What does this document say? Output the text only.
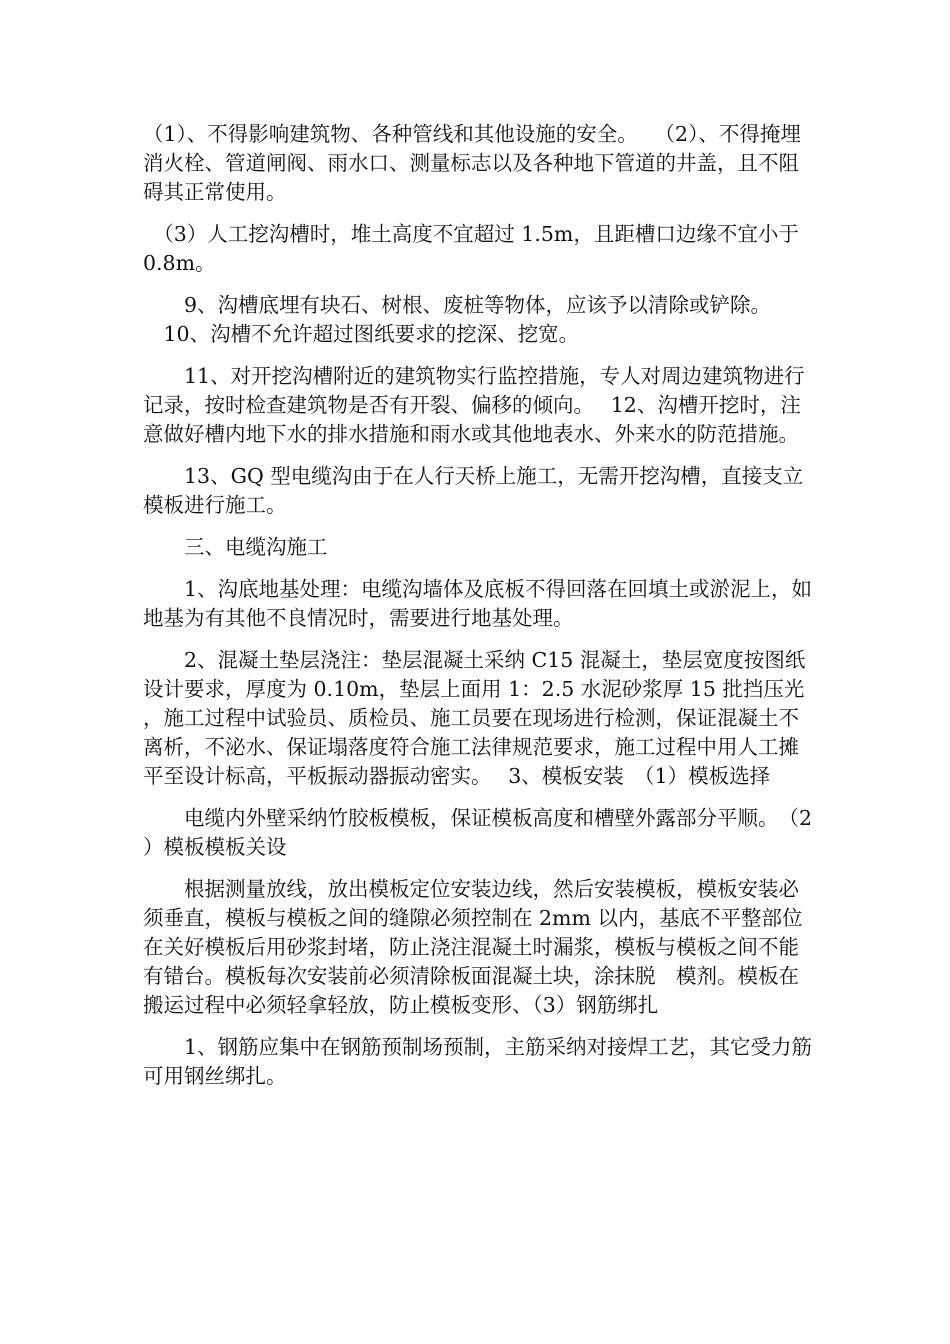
（1）、不得影响建筑物、各种管线和其他设施的安全。　 （2）、不得掩埋消火栓、管道闸阀、雨水口、测量标志以及各种地下管道的井盖，且不阻碍其正常使用。

（3）人工挖沟槽时，堆土高度不宜超过 1.5m，且距槽口边缘不宜小于 0.8m。

9、沟槽底埋有块石、树根、废桩等物体，应该予以清除或铲除。

10、沟槽不允许超过图纸要求的挖深、挖宽。

11、对开挖沟槽附近的建筑物实行监控措施，专人对周边建筑物进行记录，按时检查建筑物是否有开裂、偏移的倾向。　 12、沟槽开挖时，注意做好槽内地下水的排水措施和雨水或其他地表水、外来水的防范措施。

13、GQ 型电缆沟由于在人行天桥上施工，无需开挖沟槽，直接支立模板进行施工。

三、电缆沟施工

1、沟底地基处理：电缆沟墙体及底板不得回落在回填土或淤泥上，如地基为有其他不良情况时，需要进行地基处理。

2、混凝土垫层浇注：垫层混凝土采纳 C15 混凝土，垫层宽度按图纸设计要求，厚度为 0.10m，垫层上面用 1：2.5 水泥砂浆厚 15 批挡压光，施工过程中试验员、质检员、施工员要在现场进行检测，保证混凝土不离析，不泌水、保证塌落度符合施工法律规范要求，施工过程中用人工摊平至设计标高，平板振动器振动密实。　 3、模板安装　（1）模板选择

电缆内外壁采纳竹胶板模板，保证模板高度和槽壁外露部分平顺。　（2）模板模板关设

根据测量放线，放出模板定位安装边线，然后安装模板，模板安装必须垂直，模板与模板之间的缝隙必须控制在 2mm 以内，基底不平整部位在关好模板后用砂浆封堵，防止浇注混凝土时漏浆，模板与模板之间不能有错台。模板每次安装前必须清除板面混凝土块，涂抹脱　模剂。模板在搬运过程中必须轻拿轻放，防止模板变形、（3）钢筋绑扎

1、钢筋应集中在钢筋预制场预制，主筋采纳对接焊工艺，其它受力筋可用钢丝绑扎。
